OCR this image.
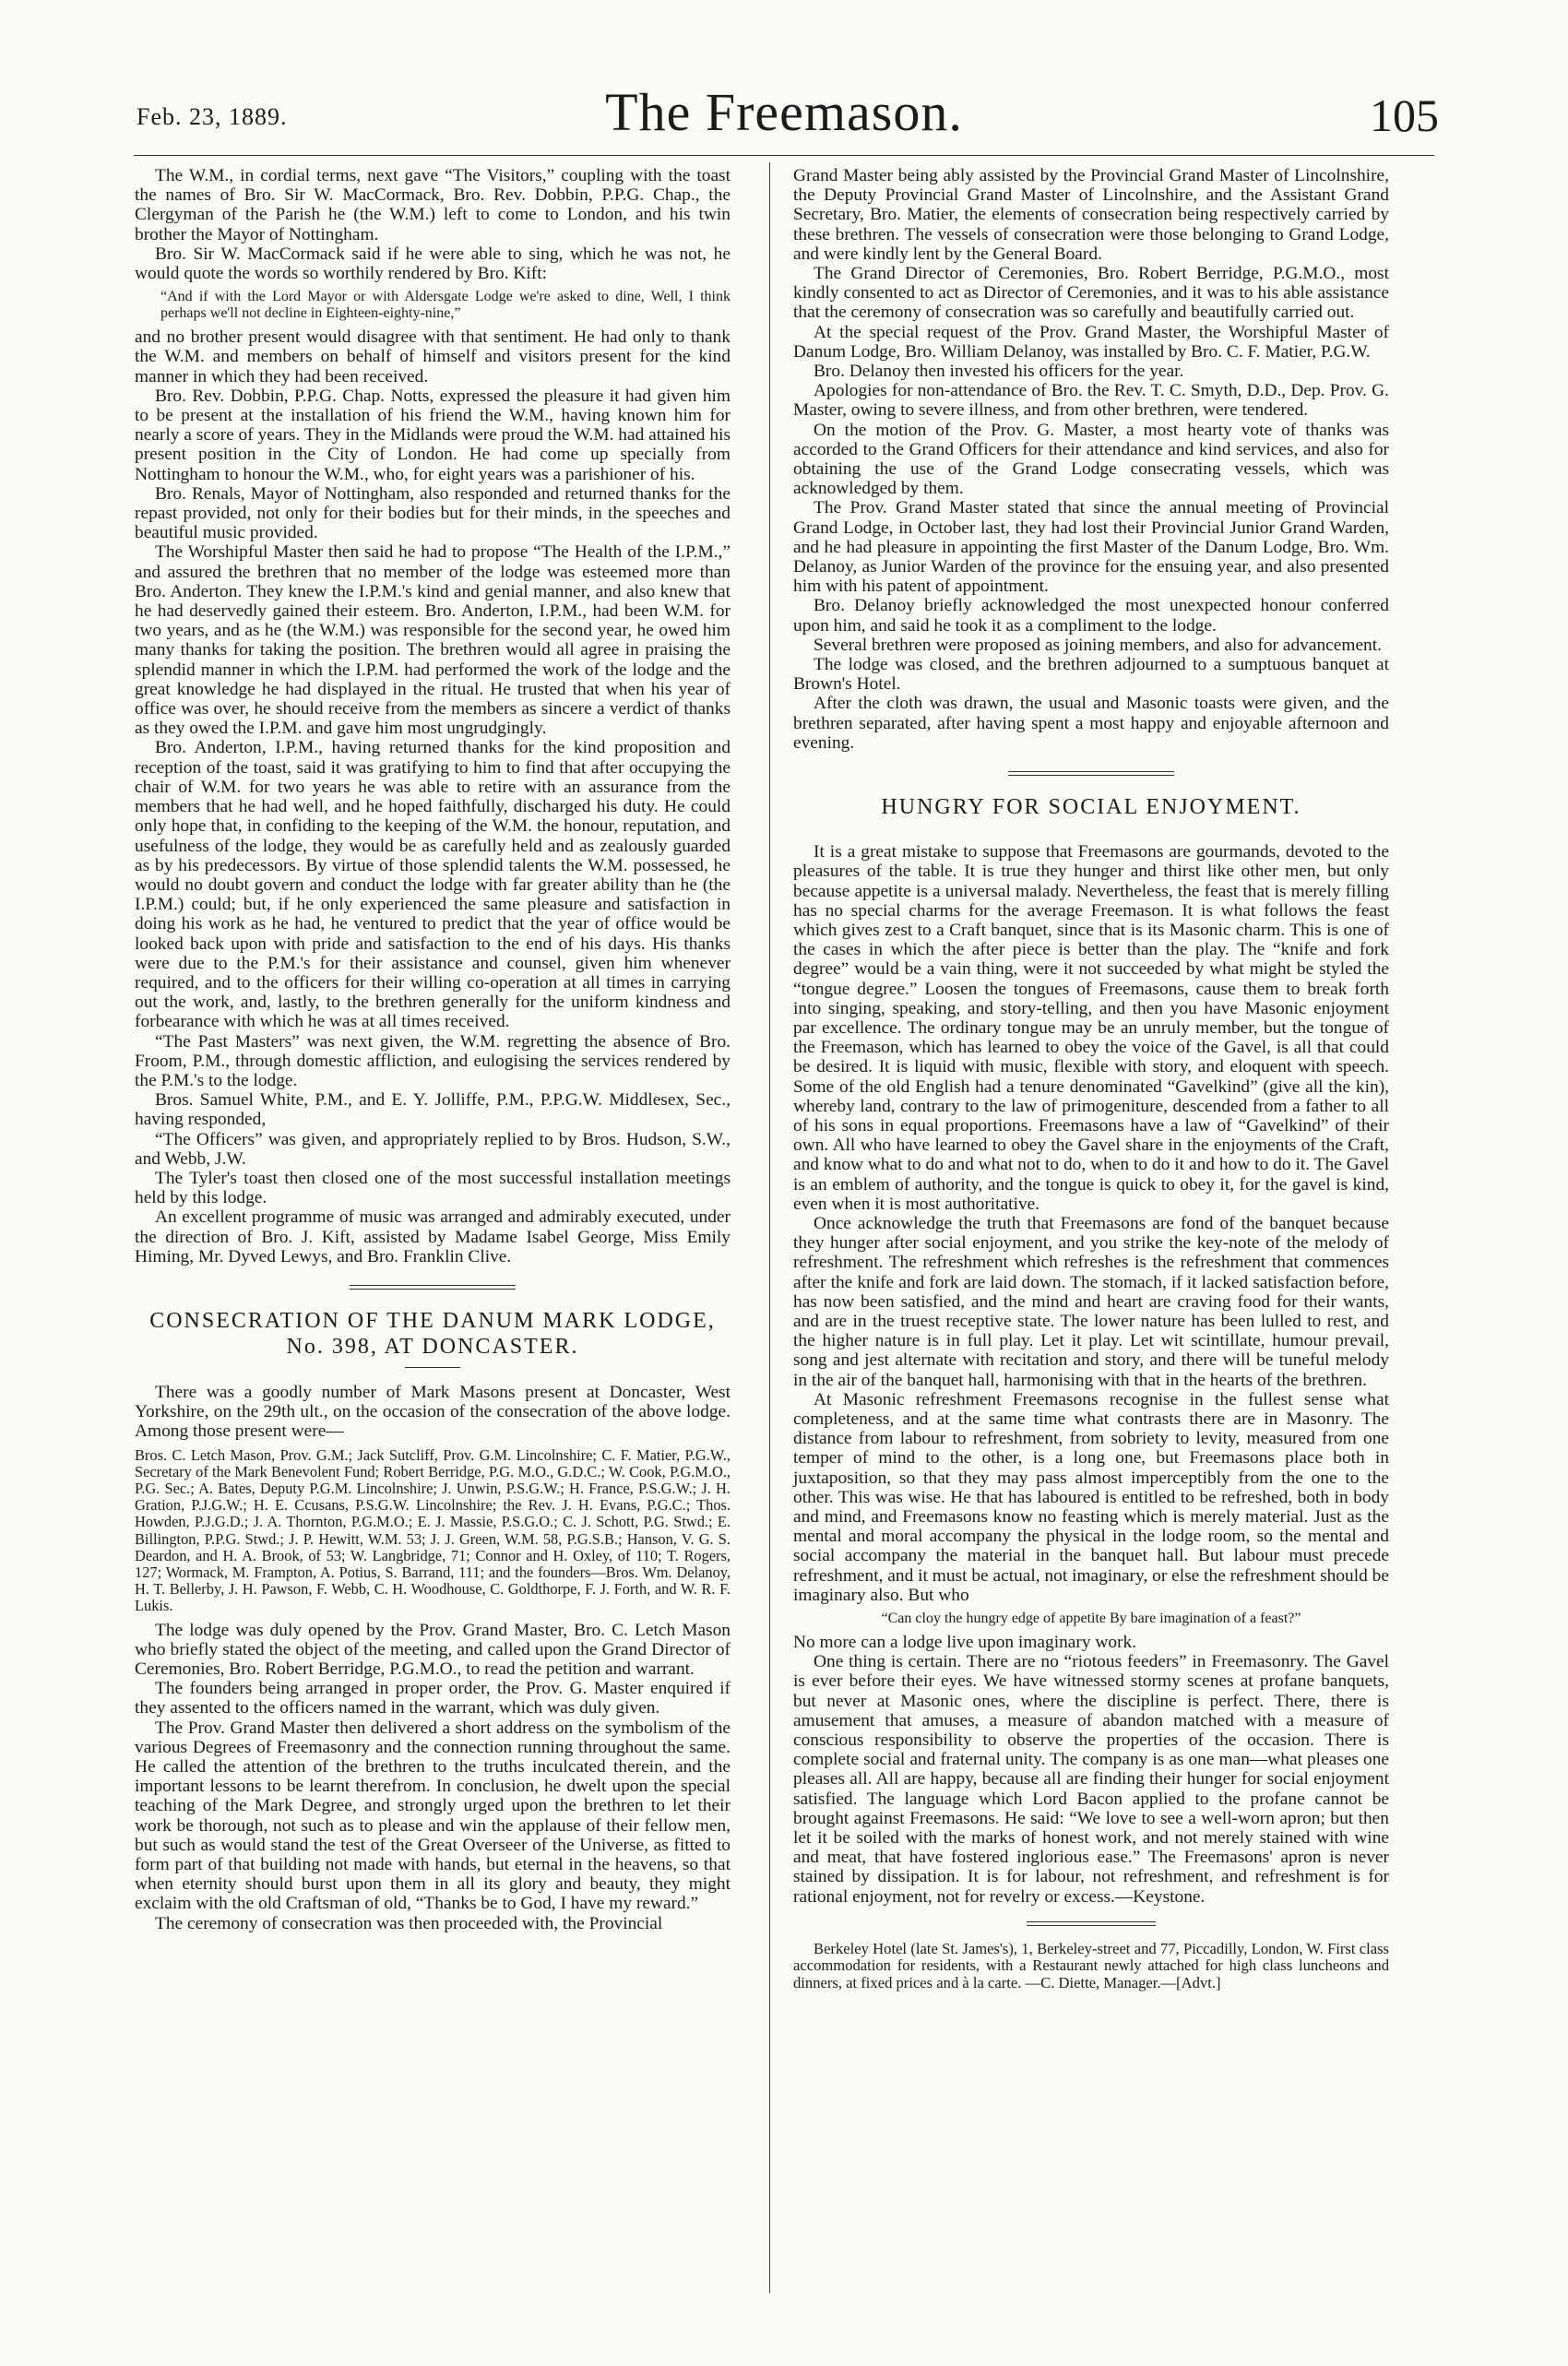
Feb. 23, 1889.	The Freemason.	105

The W.M., in cordial terms, next gave “The Visitors,” coupling with the toast the names of Bro. Sir W. MacCormack, Bro. Rev. Dobbin, P.P.G. Chap., the Clergyman of the Parish he (the W.M.) left to come to London, and his twin brother the Mayor of Nottingham.

Bro. Sir W. MacCormack said if he were able to sing, which he was not, he would quote the words so worthily rendered by Bro. Kift:

“And if with the Lord Mayor or with Aldersgate Lodge we're asked to dine, Well, I think perhaps we'll not decline in Eighteen-eighty-nine,”

and no brother present would disagree with that sentiment. He had only to thank the W.M. and members on behalf of himself and visitors present for the kind manner in which they had been received.

Bro. Rev. Dobbin, P.P.G. Chap. Notts, expressed the pleasure it had given him to be present at the installation of his friend the W.M., having known him for nearly a score of years. They in the Midlands were proud the W.M. had attained his present position in the City of London. He had come up specially from Nottingham to honour the W.M., who, for eight years was a parishioner of his.

Bro. Renals, Mayor of Nottingham, also responded and returned thanks for the repast provided, not only for their bodies but for their minds, in the speeches and beautiful music provided.

The Worshipful Master then said he had to propose “The Health of the I.P.M.,” and assured the brethren that no member of the lodge was esteemed more than Bro. Anderton. They knew the I.P.M.'s kind and genial manner, and also knew that he had deservedly gained their esteem. Bro. Anderton, I.P.M., had been W.M. for two years, and as he (the W.M.) was responsible for the second year, he owed him many thanks for taking the position. The brethren would all agree in praising the splendid manner in which the I.P.M. had performed the work of the lodge and the great knowledge he had displayed in the ritual. He trusted that when his year of office was over, he should receive from the members as sincere a verdict of thanks as they owed the I.P.M. and gave him most ungrudgingly.

Bro. Anderton, I.P.M., having returned thanks for the kind proposition and reception of the toast, said it was gratifying to him to find that after occupying the chair of W.M. for two years he was able to retire with an assurance from the members that he had well, and he hoped faithfully, discharged his duty. He could only hope that, in confiding to the keeping of the W.M. the honour, reputation, and usefulness of the lodge, they would be as carefully held and as zealously guarded as by his predecessors. By virtue of those splendid talents the W.M. possessed, he would no doubt govern and conduct the lodge with far greater ability than he (the I.P.M.) could; but, if he only experienced the same pleasure and satisfaction in doing his work as he had, he ventured to predict that the year of office would be looked back upon with pride and satisfaction to the end of his days. His thanks were due to the P.M.'s for their assistance and counsel, given him whenever required, and to the officers for their willing co-operation at all times in carrying out the work, and, lastly, to the brethren generally for the uniform kindness and forbearance with which he was at all times received.

“The Past Masters” was next given, the W.M. regretting the absence of Bro. Froom, P.M., through domestic affliction, and eulogising the services rendered by the P.M.'s to the lodge.

Bros. Samuel White, P.M., and E. Y. Jolliffe, P.M., P.P.G.W. Middlesex, Sec., having responded,

“The Officers” was given, and appropriately replied to by Bros. Hudson, S.W., and Webb, J.W.

The Tyler's toast then closed one of the most successful installation meetings held by this lodge.

An excellent programme of music was arranged and admirably executed, under the direction of Bro. J. Kift, assisted by Madame Isabel George, Miss Emily Himing, Mr. Dyved Lewys, and Bro. Franklin Clive.

CONSECRATION OF THE DANUM MARK LODGE, No. 398, AT DONCASTER.

There was a goodly number of Mark Masons present at Doncaster, West Yorkshire, on the 29th ult., on the occasion of the consecration of the above lodge. Among those present were—

Bros. C. Letch Mason, Prov. G.M.; Jack Sutcliff, Prov. G.M. Lincolnshire; C. F. Matier, P.G.W., Secretary of the Mark Benevolent Fund; Robert Berridge, P.G. M.O., G.D.C.; W. Cook, P.G.M.O., P.G. Sec.; A. Bates, Deputy P.G.M. Lincolnshire; J. Unwin, P.S.G.W.; H. France, P.S.G.W.; J. H. Gration, P.J.G.W.; H. E. Ccusans, P.S.G.W. Lincolnshire; the Rev. J. H. Evans, P.G.C.; Thos. Howden, P.J.G.D.; J. A. Thornton, P.G.M.O.; E. J. Massie, P.S.G.O.; C. J. Schott, P.G. Stwd.; E. Billington, P.P.G. Stwd.; J. P. Hewitt, W.M. 53; J. J. Green, W.M. 58, P.G.S.B.; Hanson, V. G. S. Deardon, and H. A. Brook, of 53; W. Langbridge, 71; Connor and H. Oxley, of 110; T. Rogers, 127; Wormack, M. Frampton, A. Potius, S. Barrand, 111; and the founders—Bros. Wm. Delanoy, H. T. Bellerby, J. H. Pawson, F. Webb, C. H. Woodhouse, C. Goldthorpe, F. J. Forth, and W. R. F. Lukis.

The lodge was duly opened by the Prov. Grand Master, Bro. C. Letch Mason who briefly stated the object of the meeting, and called upon the Grand Director of Ceremonies, Bro. Robert Berridge, P.G.M.O., to read the petition and warrant.

The founders being arranged in proper order, the Prov. G. Master enquired if they assented to the officers named in the warrant, which was duly given.

The Prov. Grand Master then delivered a short address on the symbolism of the various Degrees of Freemasonry and the connection running throughout the same. He called the attention of the brethren to the truths inculcated therein, and the important lessons to be learnt therefrom. In conclusion, he dwelt upon the special teaching of the Mark Degree, and strongly urged upon the brethren to let their work be thorough, not such as to please and win the applause of their fellow men, but such as would stand the test of the Great Overseer of the Universe, as fitted to form part of that building not made with hands, but eternal in the heavens, so that when eternity should burst upon them in all its glory and beauty, they might exclaim with the old Craftsman of old, “Thanks be to God, I have my reward.”

The ceremony of consecration was then proceeded with, the Provincial

Grand Master being ably assisted by the Provincial Grand Master of Lincolnshire, the Deputy Provincial Grand Master of Lincolnshire, and the Assistant Grand Secretary, Bro. Matier, the elements of consecration being respectively carried by these brethren. The vessels of consecration were those belonging to Grand Lodge, and were kindly lent by the General Board.

The Grand Director of Ceremonies, Bro. Robert Berridge, P.G.M.O., most kindly consented to act as Director of Ceremonies, and it was to his able assistance that the ceremony of consecration was so carefully and beautifully carried out.

At the special request of the Prov. Grand Master, the Worshipful Master of Danum Lodge, Bro. William Delanoy, was installed by Bro. C. F. Matier, P.G.W.

Bro. Delanoy then invested his officers for the year.

Apologies for non-attendance of Bro. the Rev. T. C. Smyth, D.D., Dep. Prov. G. Master, owing to severe illness, and from other brethren, were tendered.

On the motion of the Prov. G. Master, a most hearty vote of thanks was accorded to the Grand Officers for their attendance and kind services, and also for obtaining the use of the Grand Lodge consecrating vessels, which was acknowledged by them.

The Prov. Grand Master stated that since the annual meeting of Provincial Grand Lodge, in October last, they had lost their Provincial Junior Grand Warden, and he had pleasure in appointing the first Master of the Danum Lodge, Bro. Wm. Delanoy, as Junior Warden of the province for the ensuing year, and also presented him with his patent of appointment.

Bro. Delanoy briefly acknowledged the most unexpected honour conferred upon him, and said he took it as a compliment to the lodge.

Several brethren were proposed as joining members, and also for advancement.

The lodge was closed, and the brethren adjourned to a sumptuous banquet at Brown's Hotel.

After the cloth was drawn, the usual and Masonic toasts were given, and the brethren separated, after having spent a most happy and enjoyable afternoon and evening.

HUNGRY FOR SOCIAL ENJOYMENT.

It is a great mistake to suppose that Freemasons are gourmands, devoted to the pleasures of the table. It is true they hunger and thirst like other men, but only because appetite is a universal malady. Nevertheless, the feast that is merely filling has no special charms for the average Freemason. It is what follows the feast which gives zest to a Craft banquet, since that is its Masonic charm. This is one of the cases in which the after piece is better than the play. The “knife and fork degree” would be a vain thing, were it not succeeded by what might be styled the “tongue degree.” Loosen the tongues of Freemasons, cause them to break forth into singing, speaking, and story-telling, and then you have Masonic enjoyment par excellence. The ordinary tongue may be an unruly member, but the tongue of the Freemason, which has learned to obey the voice of the Gavel, is all that could be desired. It is liquid with music, flexible with story, and eloquent with speech. Some of the old English had a tenure denominated “Gavelkind” (give all the kin), whereby land, contrary to the law of primogeniture, descended from a father to all of his sons in equal proportions. Freemasons have a law of “Gavelkind” of their own. All who have learned to obey the Gavel share in the enjoyments of the Craft, and know what to do and what not to do, when to do it and how to do it. The Gavel is an emblem of authority, and the tongue is quick to obey it, for the gavel is kind, even when it is most authoritative.

Once acknowledge the truth that Freemasons are fond of the banquet because they hunger after social enjoyment, and you strike the key-note of the melody of refreshment. The refreshment which refreshes is the refreshment that commences after the knife and fork are laid down. The stomach, if it lacked satisfaction before, has now been satisfied, and the mind and heart are craving food for their wants, and are in the truest receptive state. The lower nature has been lulled to rest, and the higher nature is in full play. Let it play. Let wit scintillate, humour prevail, song and jest alternate with recitation and story, and there will be tuneful melody in the air of the banquet hall, harmonising with that in the hearts of the brethren.

At Masonic refreshment Freemasons recognise in the fullest sense what completeness, and at the same time what contrasts there are in Masonry. The distance from labour to refreshment, from sobriety to levity, measured from one temper of mind to the other, is a long one, but Freemasons place both in juxtaposition, so that they may pass almost imperceptibly from the one to the other. This was wise. He that has laboured is entitled to be refreshed, both in body and mind, and Freemasons know no feasting which is merely material. Just as the mental and moral accompany the physical in the lodge room, so the mental and social accompany the material in the banquet hall. But labour must precede refreshment, and it must be actual, not imaginary, or else the refreshment should be imaginary also. But who

“Can cloy the hungry edge of appetite By bare imagination of a feast?”

No more can a lodge live upon imaginary work.

One thing is certain. There are no “riotous feeders” in Freemasonry. The Gavel is ever before their eyes. We have witnessed stormy scenes at profane banquets, but never at Masonic ones, where the discipline is perfect. There, there is amusement that amuses, a measure of abandon matched with a measure of conscious responsibility to observe the properties of the occasion. There is complete social and fraternal unity. The company is as one man—what pleases one pleases all. All are happy, because all are finding their hunger for social enjoyment satisfied. The language which Lord Bacon applied to the profane cannot be brought against Freemasons. He said: “We love to see a well-worn apron; but then let it be soiled with the marks of honest work, and not merely stained with wine and meat, that have fostered inglorious ease.” The Freemasons' apron is never stained by dissipation. It is for labour, not refreshment, and refreshment is for rational enjoyment, not for revelry or excess.—Keystone.

Berkeley Hotel (late St. James's), 1, Berkeley-street and 77, Piccadilly, London, W. First class accommodation for residents, with a Restaurant newly attached for high class luncheons and dinners, at fixed prices and à la carte. —C. Diette, Manager.—[Advt.]
